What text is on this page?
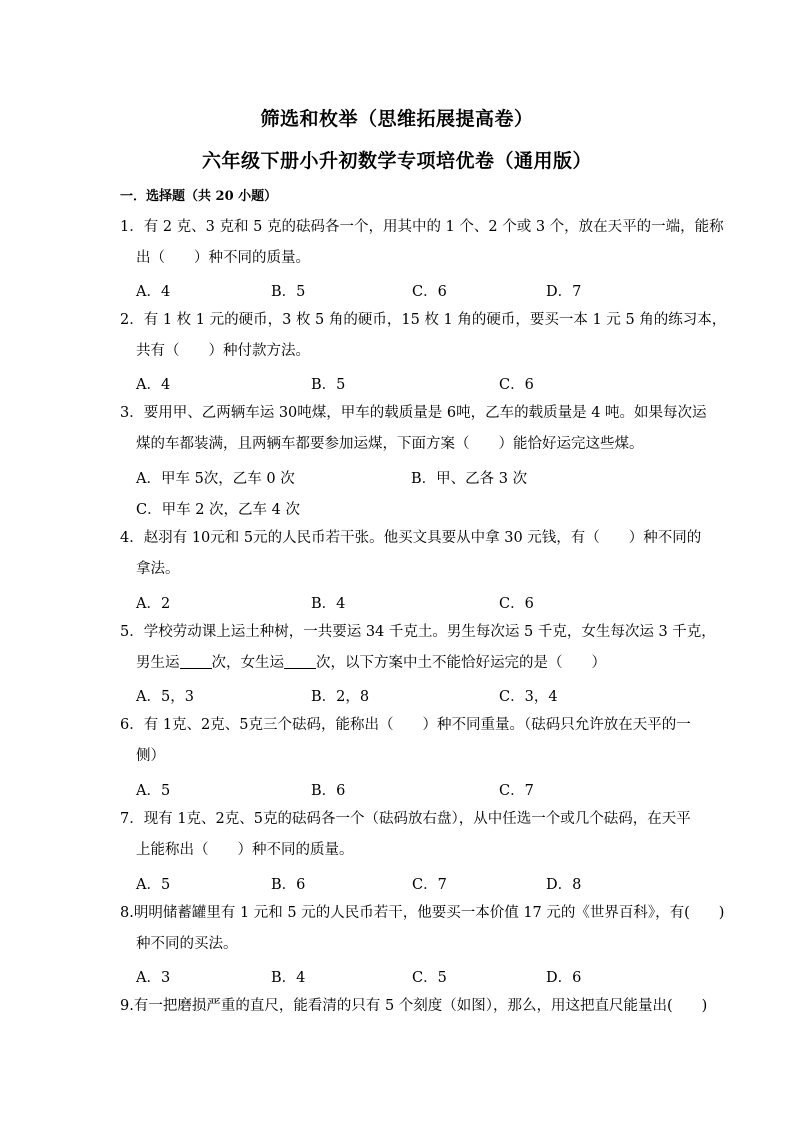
筛选和枚举（思维拓展提高卷）
六年级下册小升初数学专项培优卷（通用版）
一．选择题（共 20 小题）
1．有 2 克、3 克和 5 克的砝码各一个，用其中的 1 个、2 个或 3 个，放在天平的一端，能称
出（　　）种不同的质量。
A．4	B．5	C．6	D．7
2．有 1 枚 1 元的硬币，3 枚 5 角的硬币，15 枚 1 角的硬币，要买一本 1 元 5 角的练习本，
共有（　　）种付款方法。
A．4	B．5	C．6
3．要用甲、乙两辆车运 30吨煤，甲车的载质量是 6吨，乙车的载质量是 4 吨。如果每次运
煤的车都装满，且两辆车都要参加运煤，下面方案（　　）能恰好运完这些煤。
A．甲车 5次，乙车 0 次	B．甲、乙各 3 次
C．甲车 2 次，乙车 4 次
4．赵羽有 10元和 5元的人民币若干张。他买文具要从中拿 30 元钱，有（　　）种不同的
拿法。
A．2	B．4	C．6
5．学校劳动课上运土种树，一共要运 34 千克土。男生每次运 5 千克，女生每次运 3 千克，
男生运 次，女生运 次，以下方案中土不能恰好运完的是（　　）
A．5，3	B．2，8	C．3，4
6．有 1克、2克、5克三个砝码，能称出（　　）种不同重量。（砝码只允许放在天平的一
侧）
A．5	B．6	C．7
7．现有 1克、2克、5克的砝码各一个（砝码放右盘），从中任选一个或几个砝码，在天平
上能称出（　　）种不同的质量。
A．5	B．6	C．7	D．8
8.明明储蓄罐里有 1 元和 5 元的人民币若干，他要买一本价值 17 元的《世界百科》，有(　　)
种不同的买法。
A．3	B．4	C．5	D．6
9.有一把磨损严重的直尺，能看清的只有 5 个刻度（如图），那么，用这把直尺能量出(　　)
